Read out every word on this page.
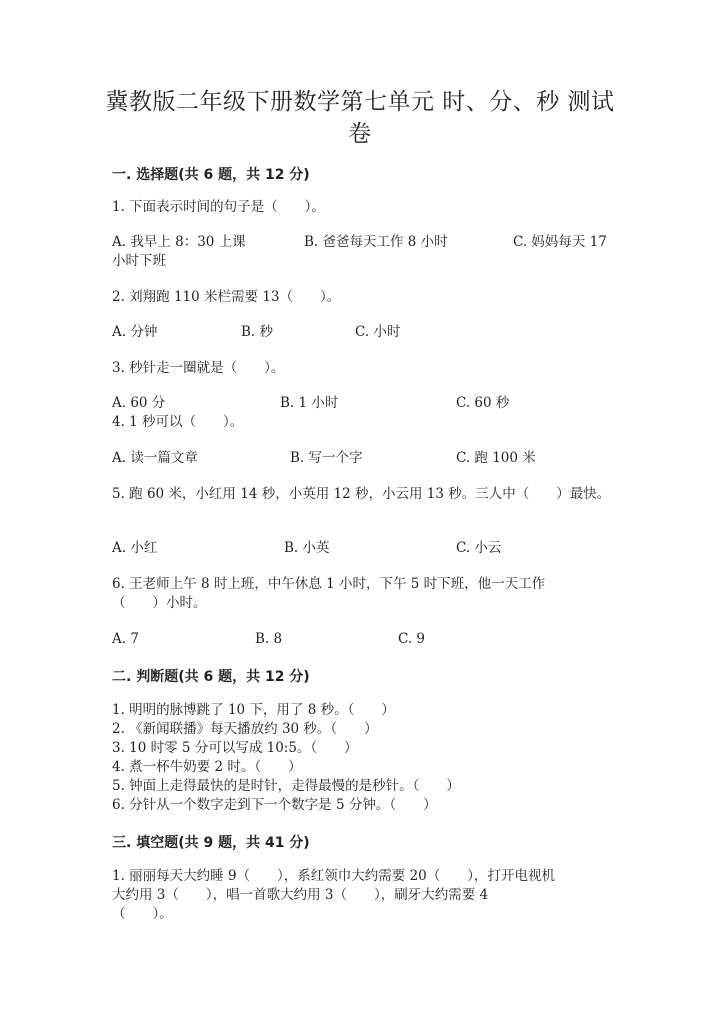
冀教版二年级下册数学第七单元 时、分、秒 测试
卷
一. 选择题(共 6 题，共 12 分)
1. 下面表示时间的句子是（　　）。
A. 我早上 8：30 上课	B. 爸爸每天工作 8 小时	C. 妈妈每天 17
小时下班
2. 刘翔跑 110 米栏需要 13（　　）。
A. 分钟	B. 秒	C. 小时
3. 秒针走一圈就是（　　）。
A. 60 分	B. 1 小时	C. 60 秒
4. 1 秒可以（　　）。
A. 读一篇文章	B. 写一个字	C. 跑 100 米
5. 跑 60 米，小红用 14 秒，小英用 12 秒，小云用 13 秒。三人中（　　）最快。
A. 小红	B. 小英	C. 小云
6. 王老师上午 8 时上班，中午休息 1 小时，下午 5 时下班，他一天工作
（　　）小时。
A. 7	B. 8	C. 9
二. 判断题(共 6 题，共 12 分)
1. 明明的脉博跳了 10 下，用了 8 秒。（　　）
2. 《新闻联播》每天播放约 30 秒。（　　）
3. 10 时零 5 分可以写成 10:5。（　　）
4. 煮一杯牛奶要 2 时。（　　）
5. 钟面上走得最快的是时针，走得最慢的是秒针。（　　）
6. 分针从一个数字走到下一个数字是 5 分钟。（　　）
三. 填空题(共 9 题，共 41 分)
1. 丽丽每天大约睡 9（　　），系红领巾大约需要 20（　　），打开电视机
大约用 3（　　），唱一首歌大约用 3（　　），刷牙大约需要 4
（　　）。
